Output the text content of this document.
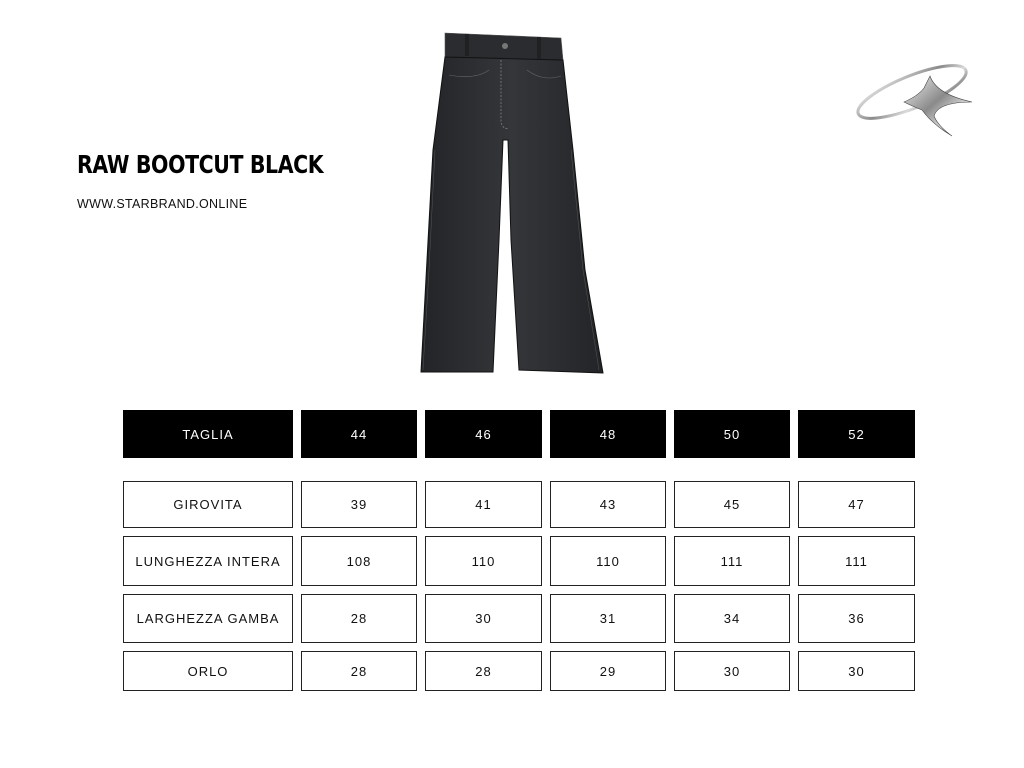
RAW BOOTCUT BLACK
WWW.STARBRAND.ONLINE
TAGLIA	44	46	48	50	52
GIROVITA	39	41	43	45	47
LUNGHEZZA INTERA	108	110	110	111	111
LARGHEZZA GAMBA	28	30	31	34	36
ORLO	28	28	29	30	30
